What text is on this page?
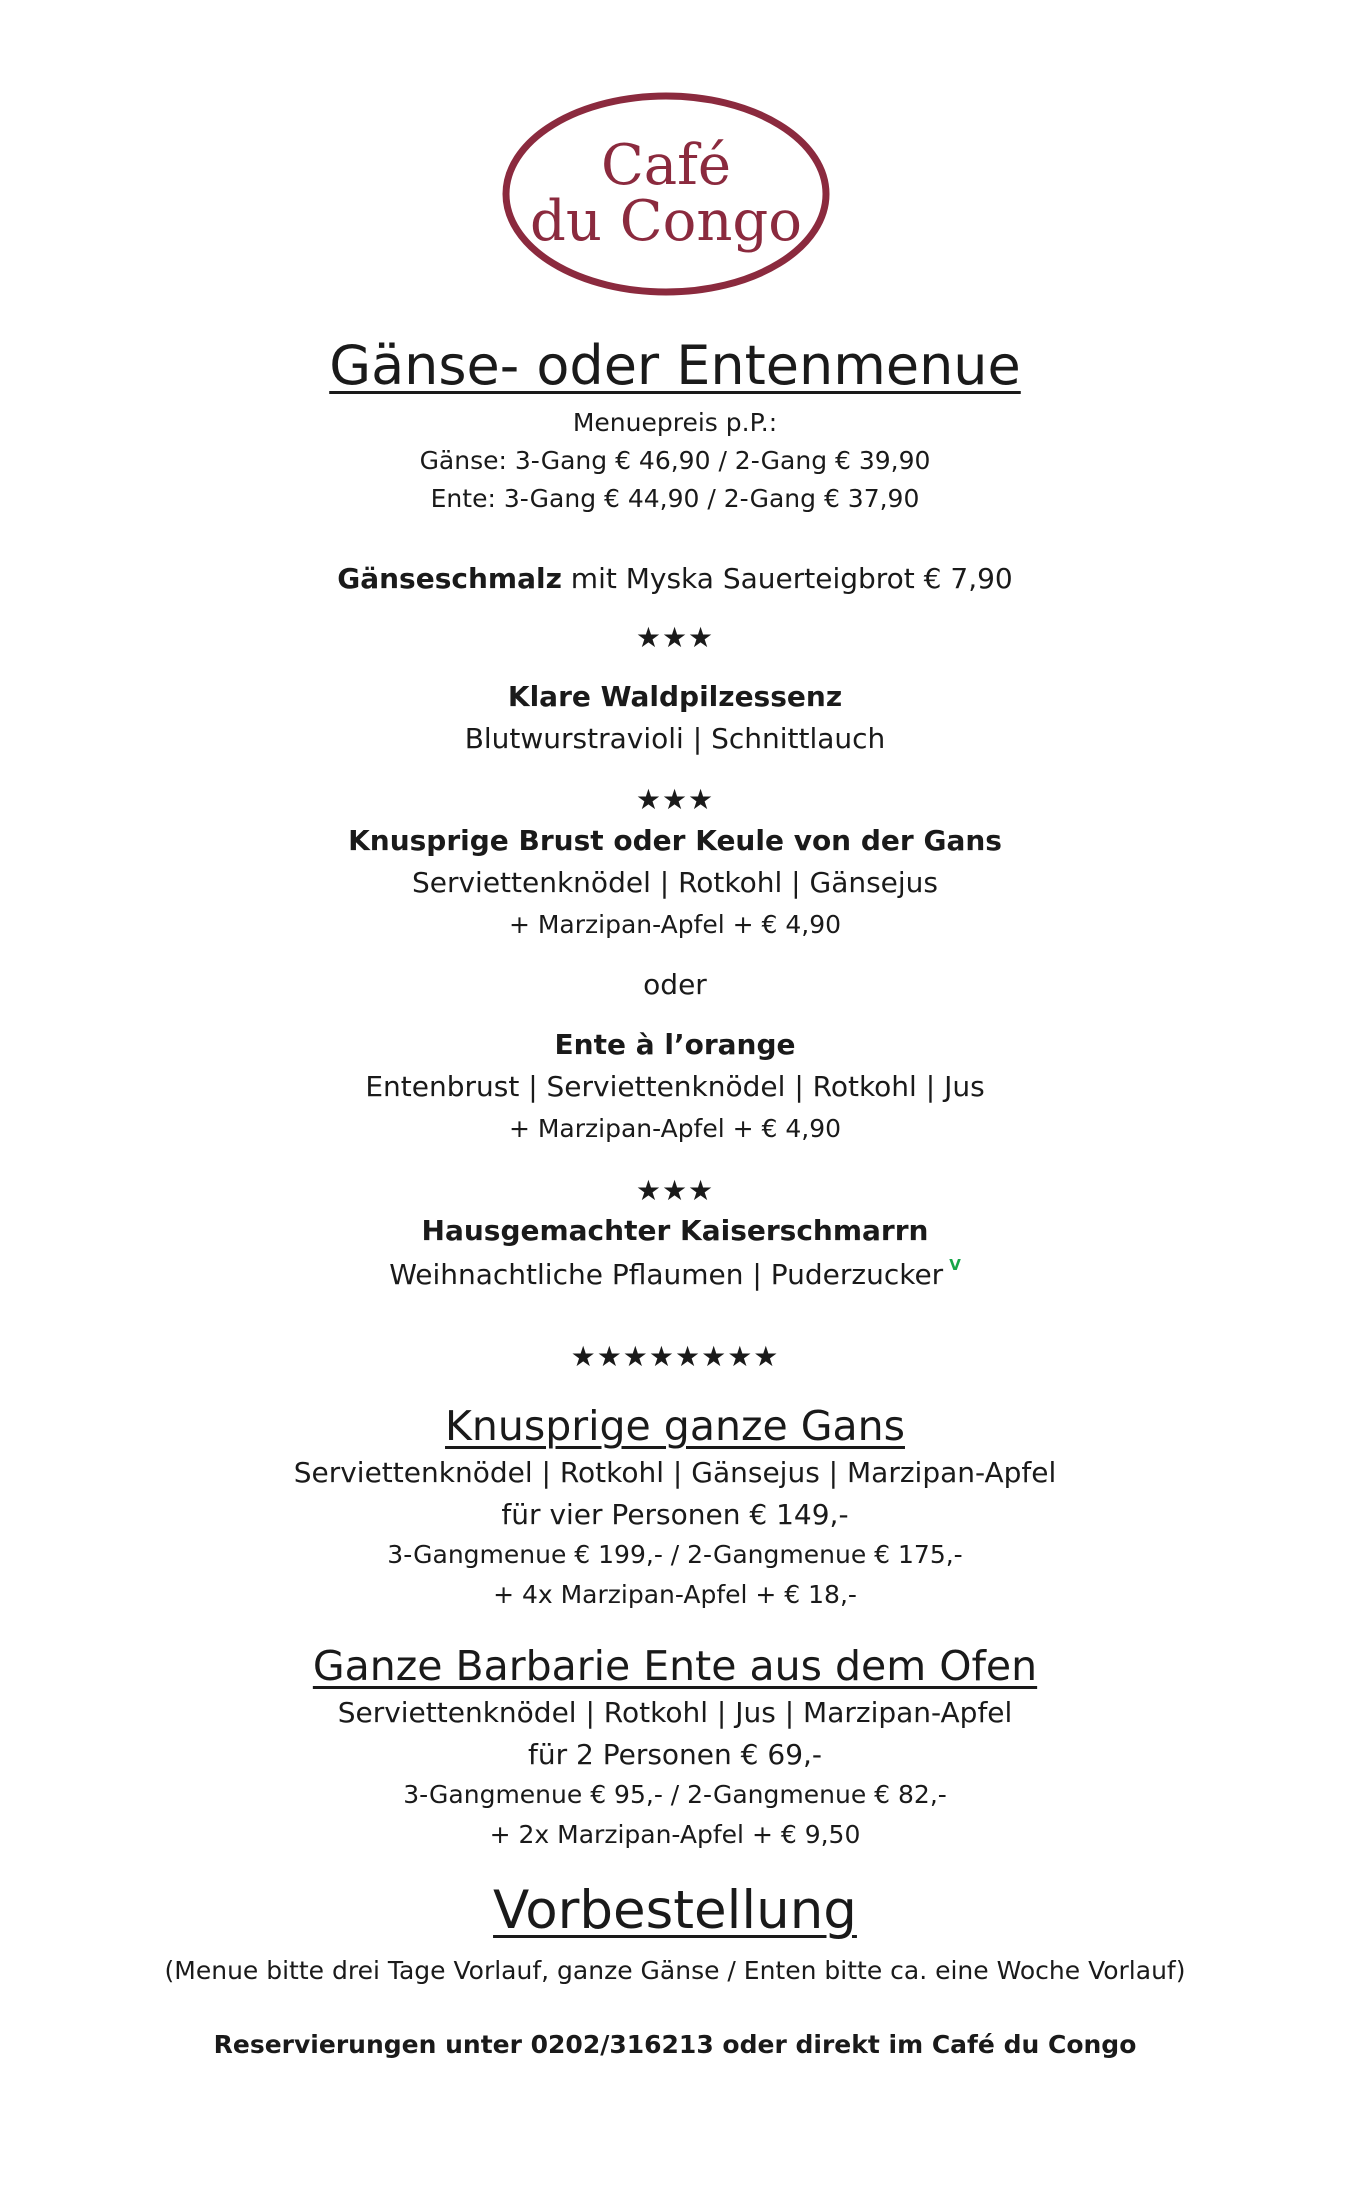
Café
du Congo
Gänse- oder Entenmenue
Menuepreis p.P.:
Gänse: 3-Gang € 46,90 / 2-Gang € 39,90
Ente: 3-Gang € 44,90 / 2-Gang € 37,90
Gänseschmalz mit Myska Sauerteigbrot € 7,90
★★★
Klare Waldpilzessenz
Blutwurstravioli | Schnittlauch
★★★
Knusprige Brust oder Keule von der Gans
Serviettenknödel | Rotkohl | Gänsejus
+ Marzipan-Apfel + € 4,90
oder
Ente à l’orange
Entenbrust | Serviettenknödel | Rotkohl | Jus
+ Marzipan-Apfel + € 4,90
★★★
Hausgemachter Kaiserschmarrn
Weihnachtliche Pflaumen | Puderzucker $^V$
★★★★★★★★
Knusprige ganze Gans
Serviettenknödel | Rotkohl | Gänsejus | Marzipan-Apfel
für vier Personen € 149,-
3-Gangmenue € 199,- / 2-Gangmenue € 175,-
+ 4x Marzipan-Apfel + € 18,-
Ganze Barbarie Ente aus dem Ofen
Serviettenknödel | Rotkohl | Jus | Marzipan-Apfel
für 2 Personen € 69,-
3-Gangmenue € 95,- / 2-Gangmenue € 82,-
+ 2x Marzipan-Apfel + € 9,50
Vorbestellung
(Menue bitte drei Tage Vorlauf, ganze Gänse / Enten bitte ca. eine Woche Vorlauf)
Reservierungen unter 0202/316213 oder direkt im Café du Congo
